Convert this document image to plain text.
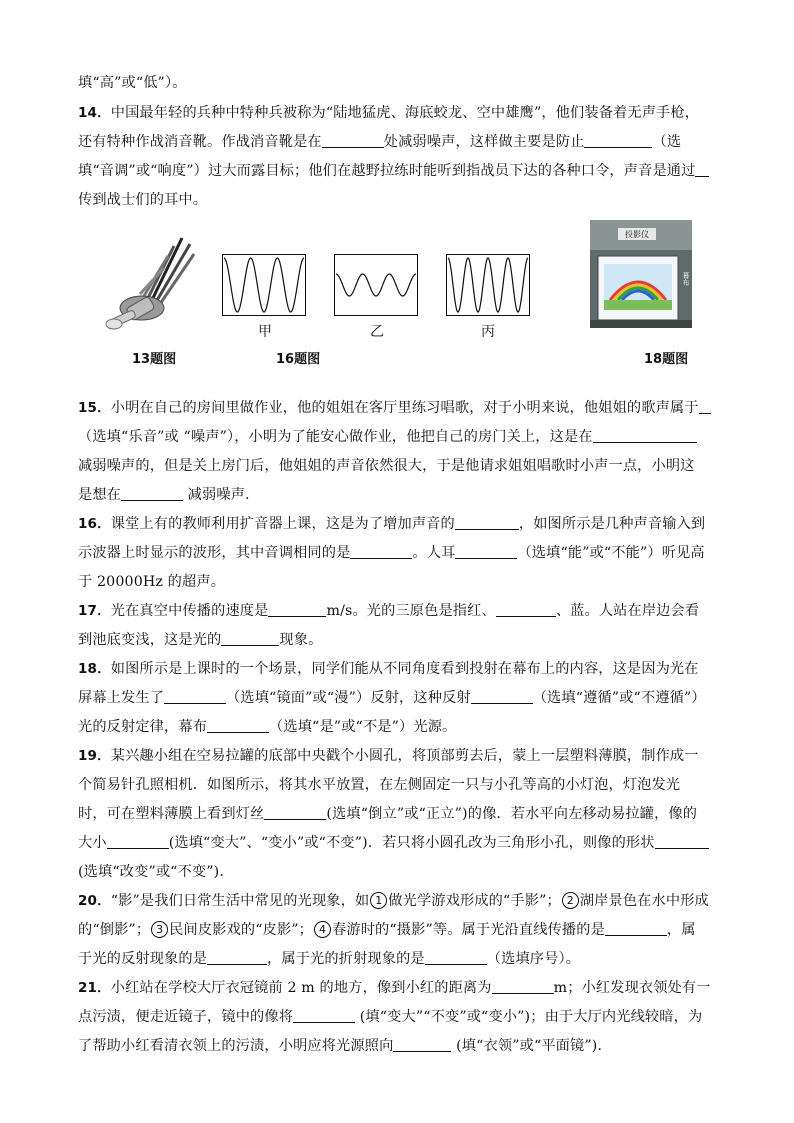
填“高”或“低”）。
14．中国最年轻的兵种中特种兵被称为“陆地猛虎、海底蛟龙、空中雄鹰”，他们装备着无声手枪，
还有特种作战消音靴。作战消音靴是在	处减弱噪声，这样做主要是防止	（选
填“音调”或“响度”）过大而露目标；他们在越野拉练时能听到指战员下达的各种口令，声音是通过
传到战士们的耳中。
13题图
甲	乙	丙
16题图
投影仪
幕布
18题图
15．小明在自己的房间里做作业，他的姐姐在客厅里练习唱歌，对于小明来说，他姐姐的歌声属于
（选填“乐音”或 “噪声”），小明为了能安心做作业，他把自己的房门关上，这是在
减弱噪声的，但是关上房门后，他姐姐的声音依然很大，于是他请求姐姐唱歌时小声一点，小明这
是想在	减弱噪声.
16．课堂上有的教师利用扩音器上课，这是为了增加声音的	，如图所示是几种声音输入到
示波器上时显示的波形，其中音调相同的是	。人耳	（选填“能”或“不能”）听见高
于 20000Hz 的超声。
17．光在真空中传播的速度是	m/s。光的三原色是指红、	、蓝。人站在岸边会看
到池底变浅，这是光的	现象。
18．如图所示是上课时的一个场景，同学们能从不同角度看到投射在幕布上的内容，这是因为光在
屏幕上发生了	（选填“镜面”或“漫”）反射，这种反射	（选填“遵循”或“不遵循”）
光的反射定律，幕布	（选填“是”或“不是”）光源。
19．某兴趣小组在空易拉罐的底部中央戳个小圆孔，将顶部剪去后，蒙上一层塑料薄膜，制作成一
个简易针孔照相机．如图所示，将其水平放置，在左侧固定一只与小孔等高的小灯泡，灯泡发光
时，可在塑料薄膜上看到灯丝	(选填“倒立”或“正立”)的像．若水平向左移动易拉罐，像的
大小	(选填“变大”、“变小”或“不变”)．若只将小圆孔改为三角形小孔，则像的形状
(选填“改变”或“不变”)．
20．“影”是我们日常生活中常见的光现象，如 1 做光学游戏形成的“手影”； 2 湖岸景色在水中形成
的“倒影”； 3 民间皮影戏的“皮影”； 4 春游时的“摄影”等。属于光沿直线传播的是	，属
于光的反射现象的是	，属于光的折射现象的是	（选填序号）。
21．小红站在学校大厅衣冠镜前 2 m 的地方，像到小红的距离为	m；小红发现衣领处有一
点污渍，便走近镜子，镜中的像将	(填“变大”“不变”或“变小”)；由于大厅内光线较暗，为
了帮助小红看清衣领上的污渍，小明应将光源照向	(填“衣领”或“平面镜”)．
